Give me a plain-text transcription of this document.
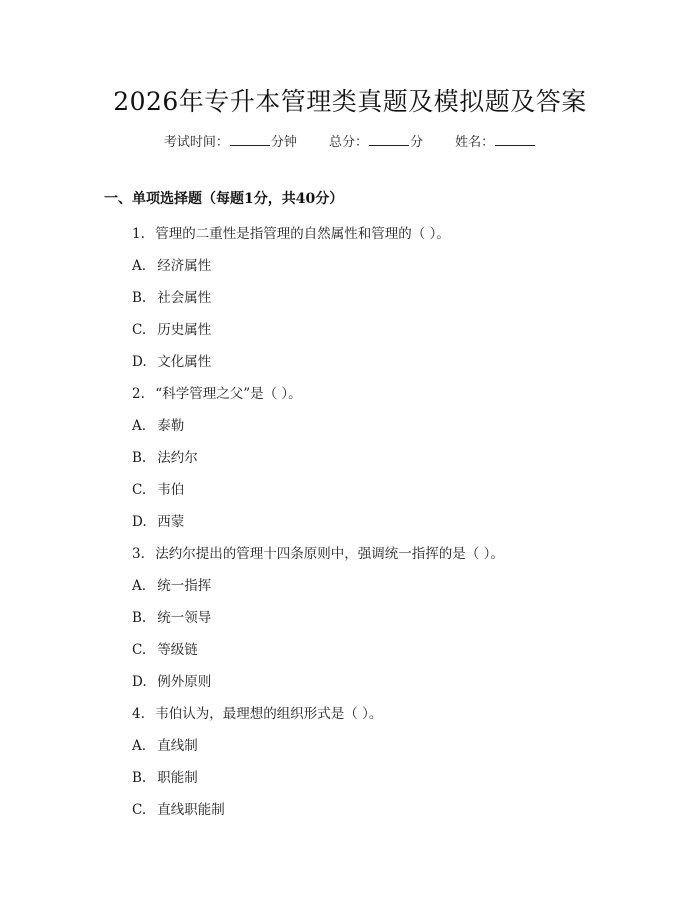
2026年专升本管理类真题及模拟题及答案
考试时间：	分钟 总分：	分 姓名：
一、单项选择题（每题1分，共40分）
1. 管理的二重性是指管理的自然属性和管理的（ ）。
A. 经济属性
B. 社会属性
C. 历史属性
D. 文化属性
2. “科学管理之父”是（ ）。
A. 泰勒
B. 法约尔
C. 韦伯
D. 西蒙
3. 法约尔提出的管理十四条原则中，强调统一指挥的是（ ）。
A. 统一指挥
B. 统一领导
C. 等级链
D. 例外原则
4. 韦伯认为，最理想的组织形式是（ ）。
A. 直线制
B. 职能制
C. 直线职能制
